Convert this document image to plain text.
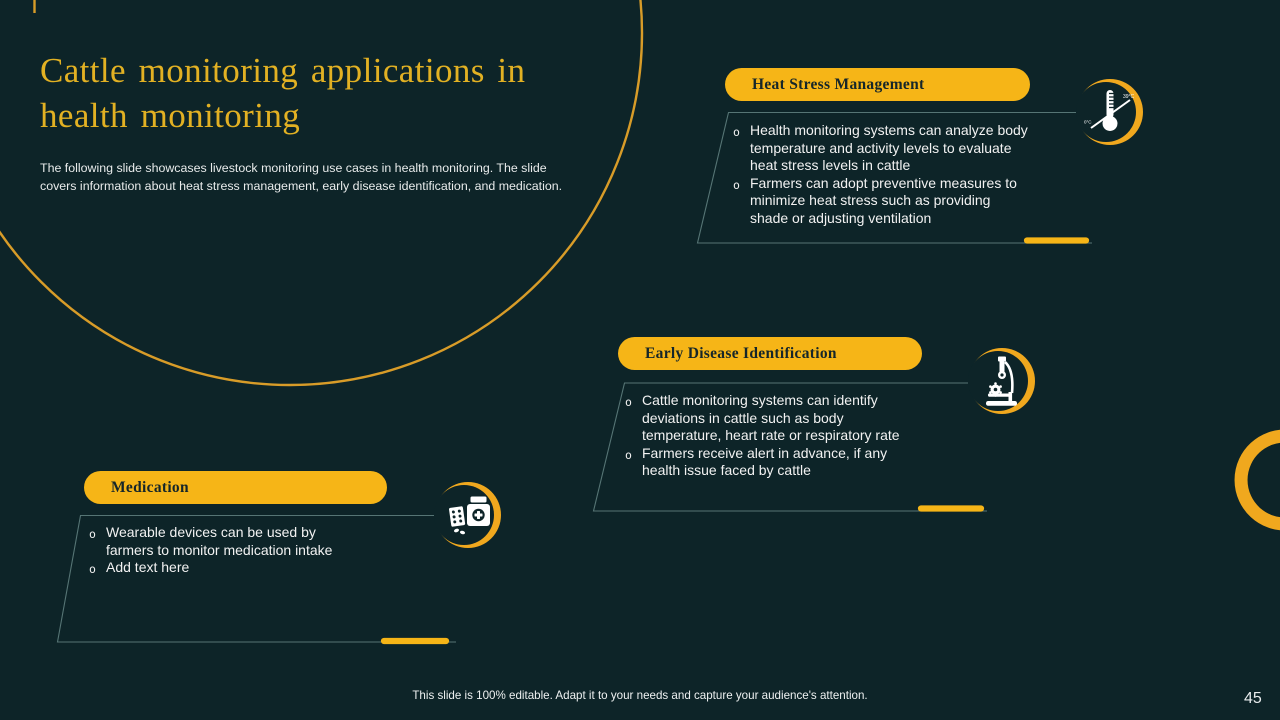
Cattle monitoring applications in
health monitoring
The following slide showcases livestock monitoring use cases in health monitoring. The slide
covers information about heat stress management, early disease identification, and medication.
Heat Stress Management
Early Disease Identification
Medication
39°C
0°C
o Health monitoring systems can analyze body
temperature and activity levels to evaluate
heat stress levels in cattle
o Farmers can adopt preventive measures to
minimize heat stress such as providing
shade or adjusting ventilation
o Cattle monitoring systems can identify
deviations in cattle such as body
temperature, heart rate or respiratory rate
o Farmers receive alert in advance, if any
health issue faced by cattle
o Wearable devices can be used by
farmers to monitor medication intake
o Add text here
This slide is 100% editable. Adapt it to your needs and capture your audience's attention.	45
